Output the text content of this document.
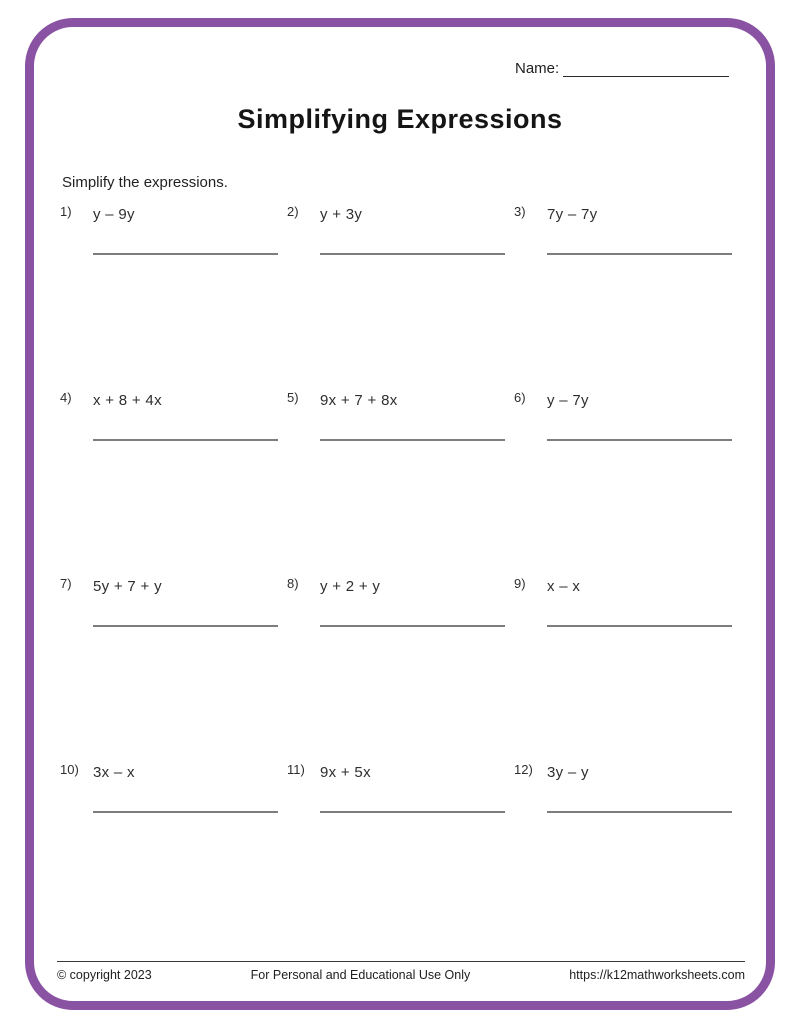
Name:
Simplifying Expressions
Simplify the expressions.
1) y – 9y	2) y + 3y	3) 7y – 7y
4) x + 8 + 4x	5) 9x + 7 + 8x	6) y – 7y
7) 5y + 7 + y	8) y + 2 + y	9) x – x
10) 3x – x	11) 9x + 5x	12) 3y – y
© copyright 2023	For Personal and Educational Use Only	https://k12mathworksheets.com
